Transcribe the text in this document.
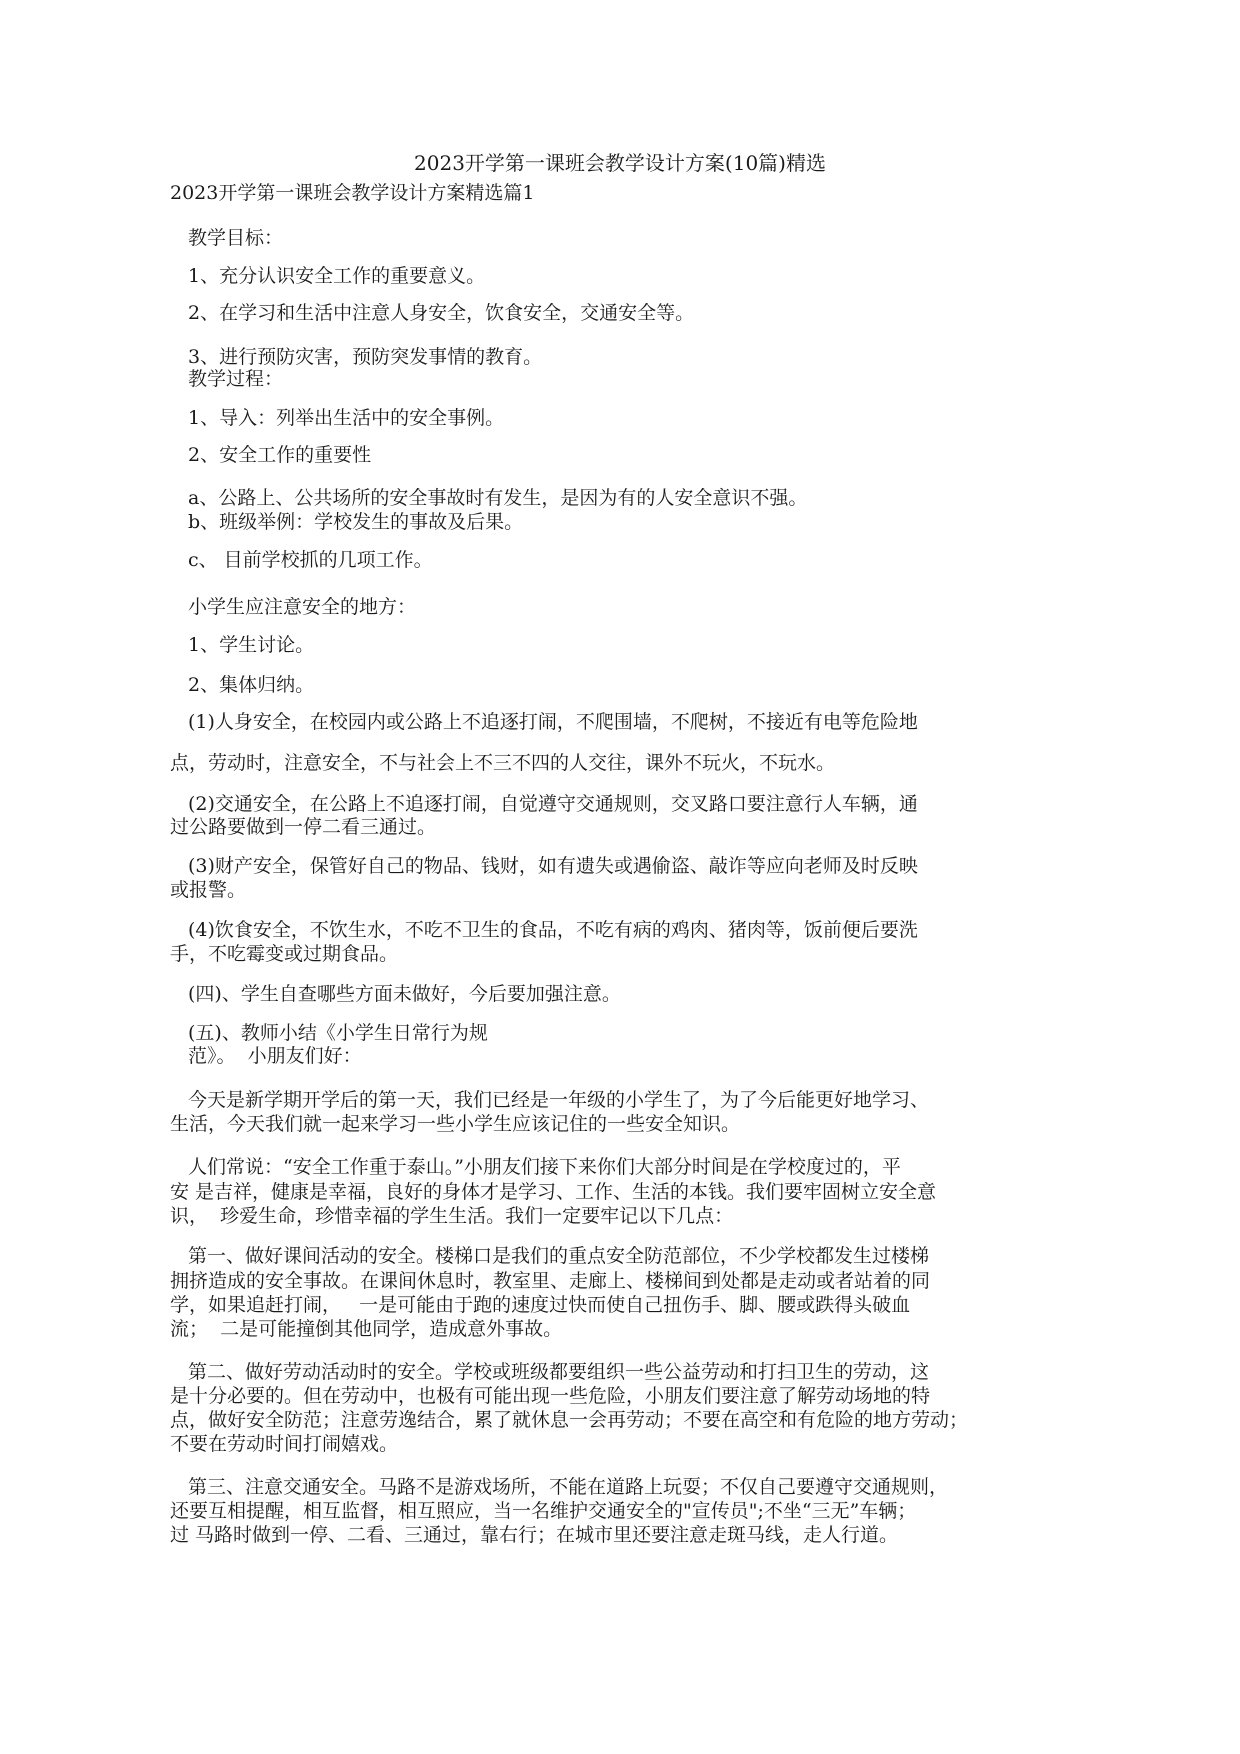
2023开学第一课班会教学设计方案(10篇)精选

2023开学第一课班会教学设计方案精选篇1

教学目标：

1、充分认识安全工作的重要意义。

2、在学习和生活中注意人身安全，饮食安全，交通安全等。

3、进行预防灾害，预防突发事情的教育。

教学过程：

1、导入：列举出生活中的安全事例。

2、安全工作的重要性

a、公路上、公共场所的安全事故时有发生，是因为有的人安全意识不强。

b、班级举例：学校发生的事故及后果。

c、 目前学校抓的几项工作。

小学生应注意安全的地方：

1、学生讨论。

2、集体归纳。

(1)人身安全，在校园内或公路上不追逐打闹，不爬围墙，不爬树，不接近有电等危险地

点，劳动时，注意安全，不与社会上不三不四的人交往，课外不玩火，不玩水。

(2)交通安全，在公路上不追逐打闹，自觉遵守交通规则，交叉路口要注意行人车辆，通

过公路要做到一停二看三通过。

(3)财产安全，保管好自己的物品、钱财，如有遗失或遇偷盗、敲诈等应向老师及时反映

或报警。

(4)饮食安全，不饮生水，不吃不卫生的食品，不吃有病的鸡肉、猪肉等，饭前便后要洗

手，不吃霉变或过期食品。

(四)、学生自查哪些方面未做好，今后要加强注意。

(五)、教师小结《小学生日常行为规

范》。  小朋友们好：

今天是新学期开学后的第一天，我们已经是一年级的小学生了，为了今后能更好地学习、

生活，今天我们就一起来学习一些小学生应该记住的一些安全知识。

人们常说：“安全工作重于泰山。”小朋友们接下来你们大部分时间是在学校度过的，平

安 是吉祥，健康是幸福，良好的身体才是学习、工作、生活的本钱。我们要牢固树立安全意

识，  珍爱生命，珍惜幸福的学生生活。我们一定要牢记以下几点：

第一、做好课间活动的安全。楼梯口是我们的重点安全防范部位，不少学校都发生过楼梯

拥挤造成的安全事故。在课间休息时，教室里、走廊上、楼梯间到处都是走动或者站着的同

学，如果追赶打闹，   一是可能由于跑的速度过快而使自己扭伤手、脚、腰或跌得头破血

流；  二是可能撞倒其他同学，造成意外事故。

第二、做好劳动活动时的安全。学校或班级都要组织一些公益劳动和打扫卫生的劳动，这

是十分必要的。但在劳动中，也极有可能出现一些危险，小朋友们要注意了解劳动场地的特

点，做好安全防范；注意劳逸结合，累了就休息一会再劳动；不要在高空和有危险的地方劳动；

不要在劳动时间打闹嬉戏。

第三、注意交通安全。马路不是游戏场所，不能在道路上玩耍；不仅自己要遵守交通规则，

还要互相提醒，相互监督，相互照应，当一名维护交通安全的"宣传员";不坐“三无”车辆；

过 马路时做到一停、二看、三通过，靠右行；在城市里还要注意走斑马线，走人行道。
